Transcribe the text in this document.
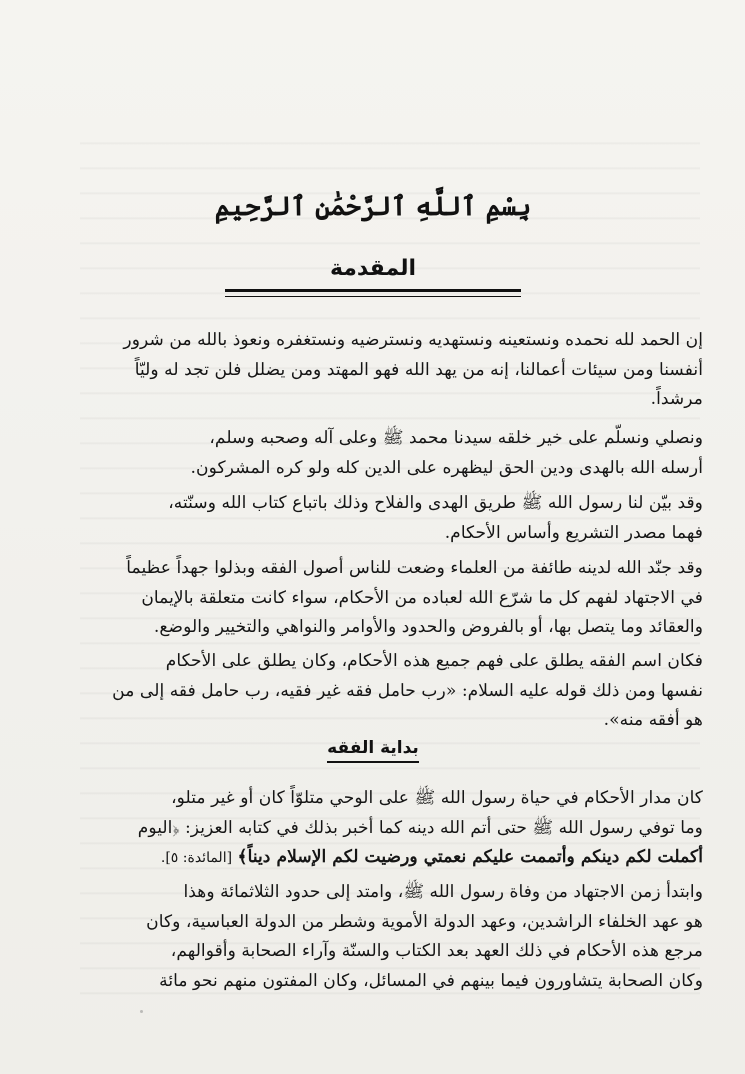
بِسْمِ ٱللَّهِ ٱلرَّحْمَٰنِ ٱلرَّحِيمِ
المقدمة
إن الحمد لله نحمده ونستعينه ونستهديه ونسترضيه ونستغفره ونعوذ بالله من شرور
أنفسنا ومن سيئات أعمالنا، إنه من يهد الله فهو المهتد ومن يضلل فلن تجد له وليّاً
مرشداً.
ونصلي ونسلّم على خير خلقه سيدنا محمد ﷺ وعلى آله وصحبه وسلم،
أرسله الله بالهدى ودين الحق ليظهره على الدين كله ولو كره المشركون.
وقد بيّن لنا رسول الله ﷺ طريق الهدى والفلاح وذلك باتباع كتاب الله وسنّته،
فهما مصدر التشريع وأساس الأحكام.
وقد جنّد الله لدينه طائفة من العلماء وضعت للناس أصول الفقه وبذلوا جهداً عظيماً
في الاجتهاد لفهم كل ما شرّع الله لعباده من الأحكام، سواء كانت متعلقة بالإيمان
والعقائد وما يتصل بها، أو بالفروض والحدود والأوامر والنواهي والتخيير والوضع.
فكان اسم الفقه يطلق على فهم جميع هذه الأحكام، وكان يطلق على الأحكام
نفسها ومن ذلك قوله عليه السلام: «رب حامل فقه غير فقيه، رب حامل فقه إلى من
هو أفقه منه».
بداية الفقه
كان مدار الأحكام في حياة رسول الله ﷺ على الوحي متلوّاً كان أو غير متلو،
وما توفي رسول الله ﷺ حتى أتم الله دينه كما أخبر بذلك في كتابه العزيز: ﴿اليوم
أكملت لكم دينكم وأتممت عليكم نعمتي ورضيت لكم الإسلام ديناً﴾ [المائدة: ٥].
وابتدأ زمن الاجتهاد من وفاة رسول الله ﷺ، وامتد إلى حدود الثلاثمائة وهذا
هو عهد الخلفاء الراشدين، وعهد الدولة الأموية وشطر من الدولة العباسية، وكان
مرجع هذه الأحكام في ذلك العهد بعد الكتاب والسنّة وآراء الصحابة وأقوالهم،
وكان الصحابة يتشاورون فيما بينهم في المسائل، وكان المفتون منهم نحو مائة
